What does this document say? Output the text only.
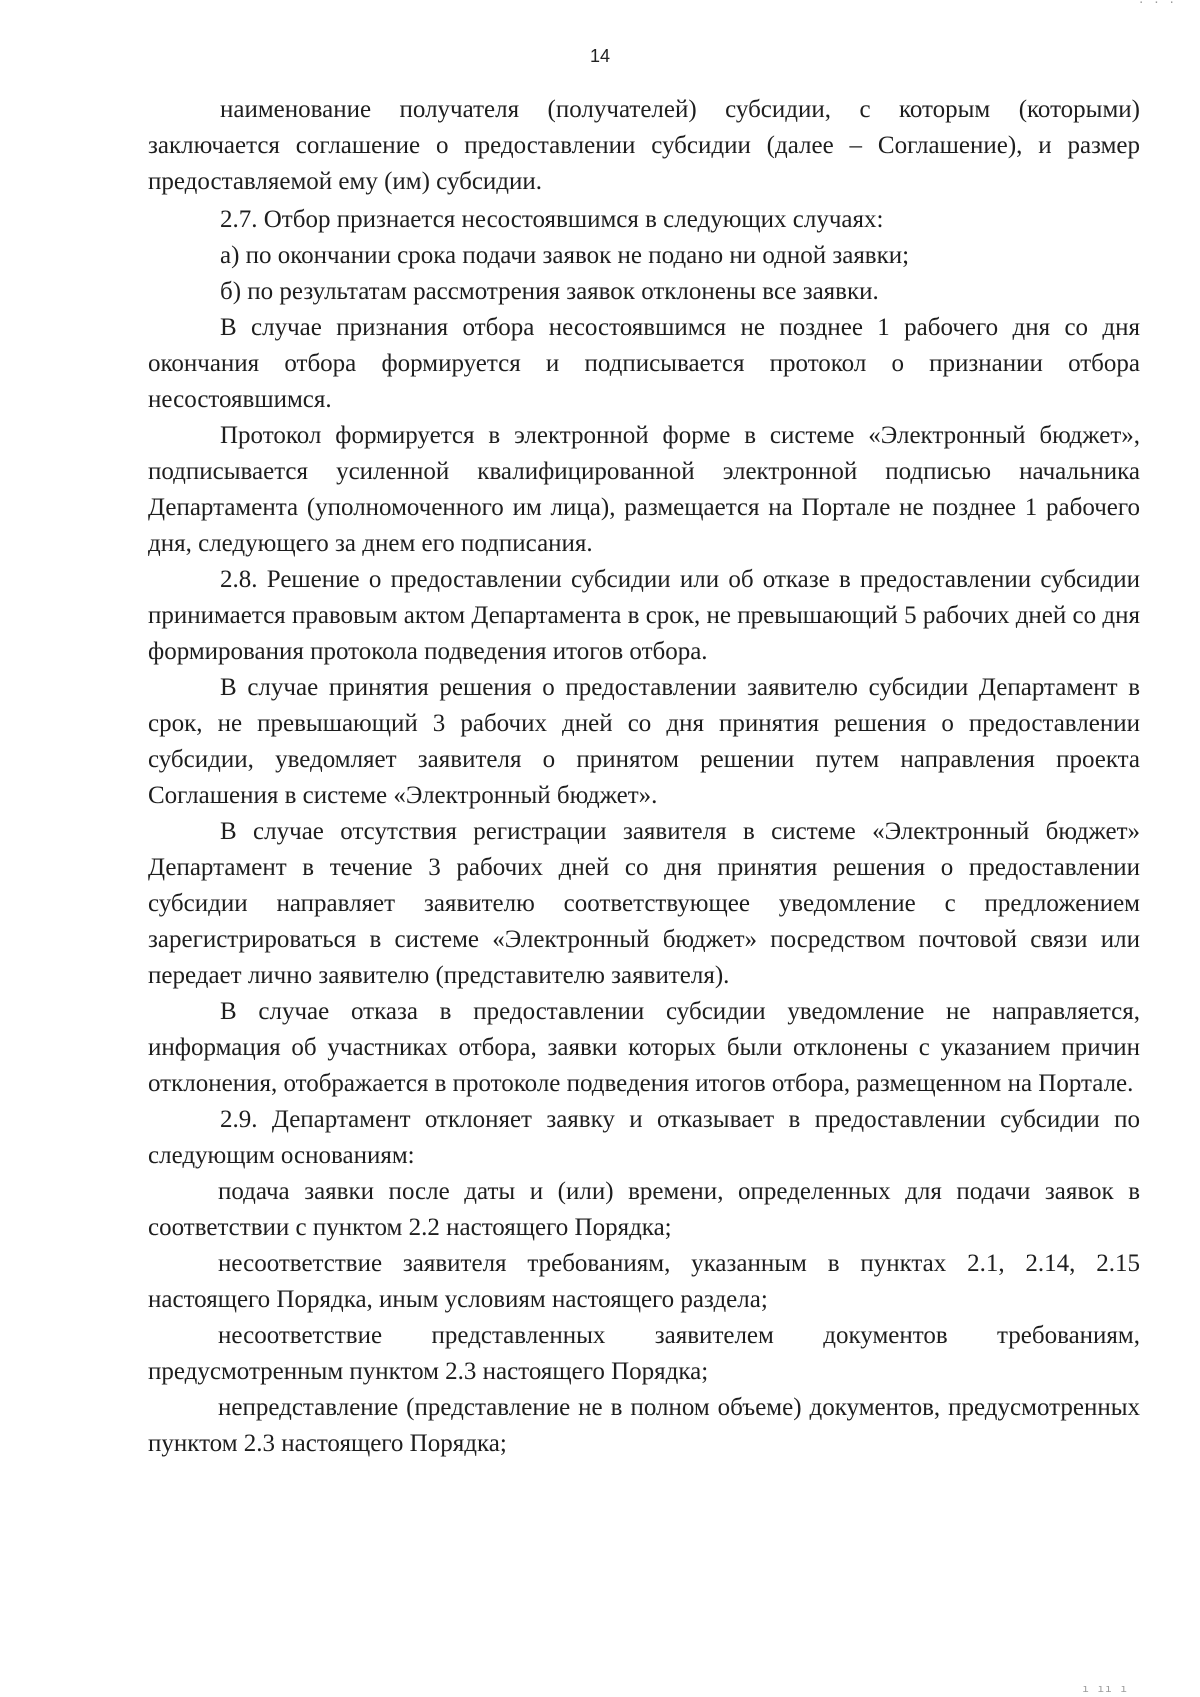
· · ·
14

наименование получателя (получателей) субсидии, с которым (которыми) заключается соглашение о предоставлении субсидии (далее – Соглашение), и размер предоставляемой ему (им) субсидии.

2.7. Отбор признается несостоявшимся в следующих случаях:

а) по окончании срока подачи заявок не подано ни одной заявки;

б) по результатам рассмотрения заявок отклонены все заявки.

В случае признания отбора несостоявшимся не позднее 1 рабочего дня со дня окончания отбора формируется и подписывается протокол о признании отбора несостоявшимся.

Протокол формируется в электронной форме в системе «Электронный бюджет», подписывается усиленной квалифицированной электронной подписью начальника Департамента (уполномоченного им лица), размещается на Портале не позднее 1 рабочего дня, следующего за днем его подписания.

2.8. Решение о предоставлении субсидии или об отказе в предоставлении субсидии принимается правовым актом Департамента в срок, не превышающий 5 рабочих дней со дня формирования протокола подведения итогов отбора.

В случае принятия решения о предоставлении заявителю субсидии Департамент в срок, не превышающий 3 рабочих дней со дня принятия решения о предоставлении субсидии, уведомляет заявителя о принятом решении путем направления проекта Соглашения в системе «Электронный бюджет».

В случае отсутствия регистрации заявителя в системе «Электронный бюджет» Департамент в течение 3 рабочих дней со дня принятия решения о предоставлении субсидии направляет заявителю соответствующее уведомление с предложением зарегистрироваться в системе «Электронный бюджет» посредством почтовой связи или передает лично заявителю (представителю заявителя).

В случае отказа в предоставлении субсидии уведомление не направляется, информация об участниках отбора, заявки которых были отклонены с указанием причин отклонения, отображается в протоколе подведения итогов отбора, размещенном на Портале.

2.9. Департамент отклоняет заявку и отказывает в предоставлении субсидии по следующим основаниям:

подача заявки после даты и (или) времени, определенных для подачи заявок в соответствии с пунктом 2.2 настоящего Порядка;

несоответствие заявителя требованиям, указанным в пунктах 2.1, 2.14, 2.15 настоящего Порядка, иным условиям настоящего раздела;

несоответствие представленных заявителем документов требованиям, предусмотренным пунктом 2.3 настоящего Порядка;

непредставление (представление не в полном объеме) документов, предусмотренных пунктом 2.3 настоящего Порядка;

ı ıı ı
